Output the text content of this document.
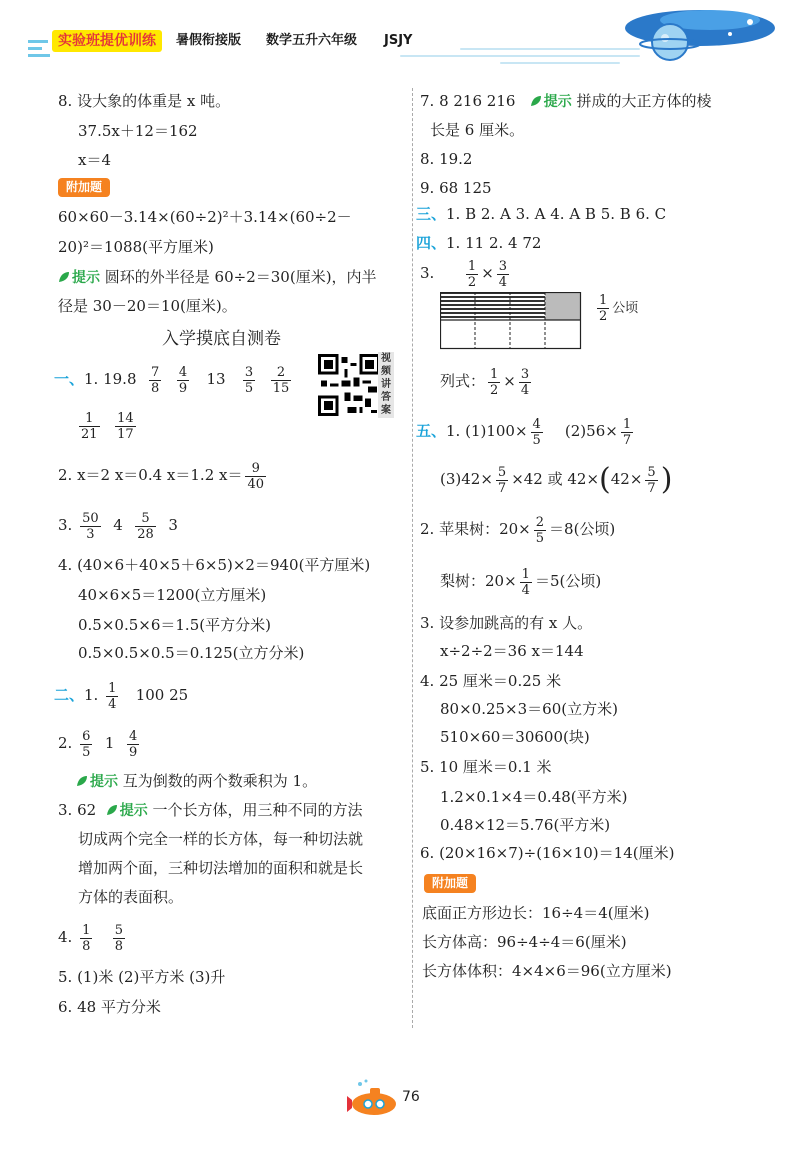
实验班提优训练	暑假衔接版 数学五升六年级 JSJY
8. 设大象的体重是 x 吨。
37.5x＋12＝162
x＝4
附加题
60×60－3.14×(60÷2)²＋3.14×(60÷2－
20)²＝1088(平方厘米)
提示 圆环的外半径是 60÷2＝30(厘米)，内半
径是 30－20＝10(厘米)。
入学摸底自测卷
一、1. $19.8 \frac{7}{8}$
$\frac{4}{9} 13 \frac{3}{5}$
$\frac{2}{15}$
$\frac{1}{21}$
$\frac{14}{17}$
2. x＝2 x＝0.4 x＝1.2 $x= \frac{9}{40}$
3. $\frac{50}{3} 4 \frac{5}{28} 3$
4. (40×6＋40×5＋6×5)×2＝940(平方厘米)
40×6×5＝1200(立方厘米)
0.5×0.5×6＝1.5(平方分米)
0.5×0.5×0.5＝0.125(立方分米)
二、1. $\frac{1}{4} 100$ 25
2. $\frac{6}{5} 1 \frac{4}{9}$
提示 互为倒数的两个数乘积为 1。
3. 62 提示 一个长方体，用三种不同的方法
切成两个完全一样的长方体，每一种切法就
增加两个面，三种切法增加的面积和就是长
方体的表面积。
4. $\frac{1}{8}$
$\frac{5}{8}$
5. (1)米 (2)平方米 (3)升
6. 48 平方分米
视
频
讲
答
案
7. 8 216 216 提示 拼成的大正方体的棱
长是 6 厘米。
8. 19.2
9. 68 125
三、1. B 2. A 3. A 4. A B 5. B 6. C
四、1. 11 2. 4 72
3. $\frac{1}{2} \times \frac{3}{4}$
$\frac{1}{2}$ 公顷
列式： $\frac{1}{2} \times \frac{3}{4}$
五、1. $(1)100\times \frac{4}{5} (2)56\times \frac{1}{7}$
$(3)42\times \frac{5}{7} \times 42$ 或 $42\times(42\times \frac{5}{7}$ )
2. 苹果树：$20\times \frac{2}{5} =8$(公顷)
梨树：$20\times \frac{1}{4} =5$(公顷)
3. 设参加跳高的有 x 人。
x÷2÷2＝36 x＝144
4. 25 厘米＝0.25 米
80×0.25×3＝60(立方米)
510×60＝30600(块)
5. 10 厘米＝0.1 米
1.2×0.1×4＝0.48(平方米)
0.48×12＝5.76(平方米)
6. (20×16×7)÷(16×10)＝14(厘米)
附加题
底面正方形边长：16÷4＝4(厘米)
长方体高：96÷4÷4＝6(厘米)
长方体体积：4×4×6＝96(立方厘米)
76
